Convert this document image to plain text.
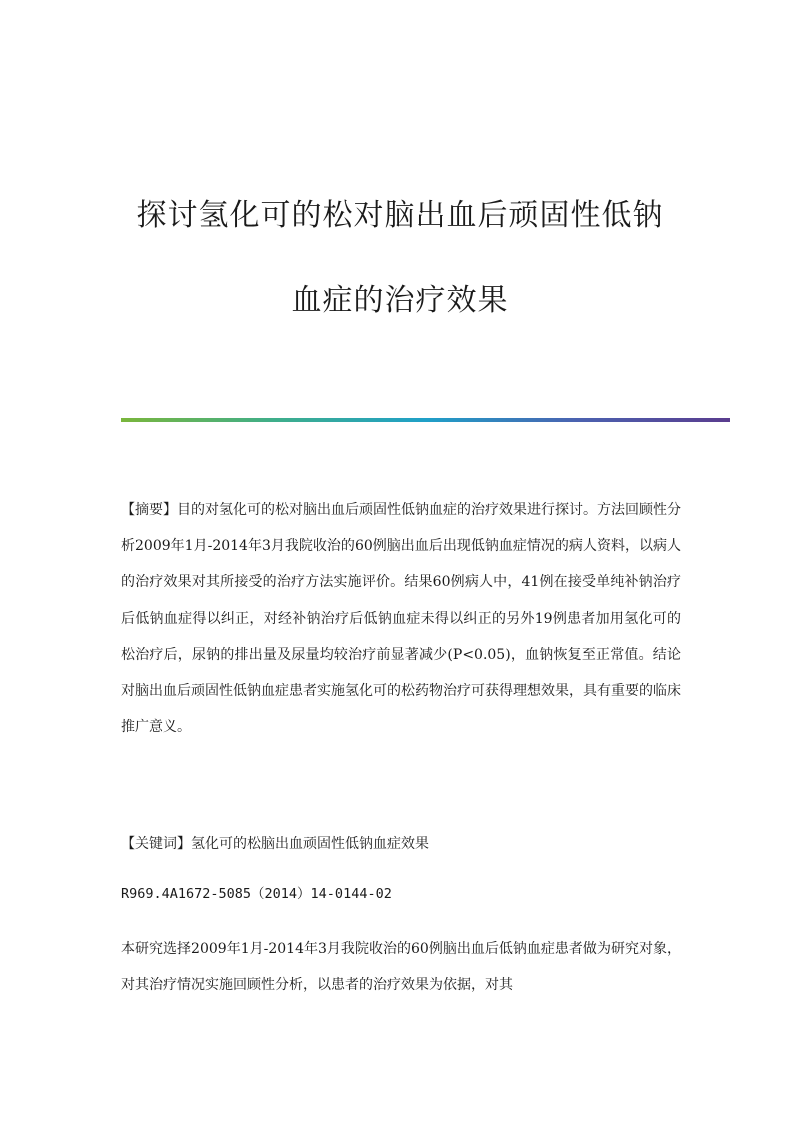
探讨氢化可的松对脑出血后顽固性低钠
血症的治疗效果

【摘要】目的对氢化可的松对脑出血后顽固性低钠血症的治疗效果进行探讨。方法回顾性分析2009年1月-2014年3月我院收治的60例脑出血后出现低钠血症情况的病人资料，以病人的治疗效果对其所接受的治疗方法实施评价。结果60例病人中，41例在接受单纯补钠治疗后低钠血症得以纠正，对经补钠治疗后低钠血症未得以纠正的另外19例患者加用氢化可的松治疗后，尿钠的排出量及尿量均较治疗前显著减少(P<0.05)，血钠恢复至正常值。结论对脑出血后顽固性低钠血症患者实施氢化可的松药物治疗可获得理想效果，具有重要的临床推广意义。

【关键词】氢化可的松脑出血顽固性低钠血症效果

R969.4A1672-5085（2014）14-0144-02

本研究选择2009年1月-2014年3月我院收治的60例脑出血后低钠血症患者做为研究对象，对其治疗情况实施回顾性分析，以患者的治疗效果为依据，对其
